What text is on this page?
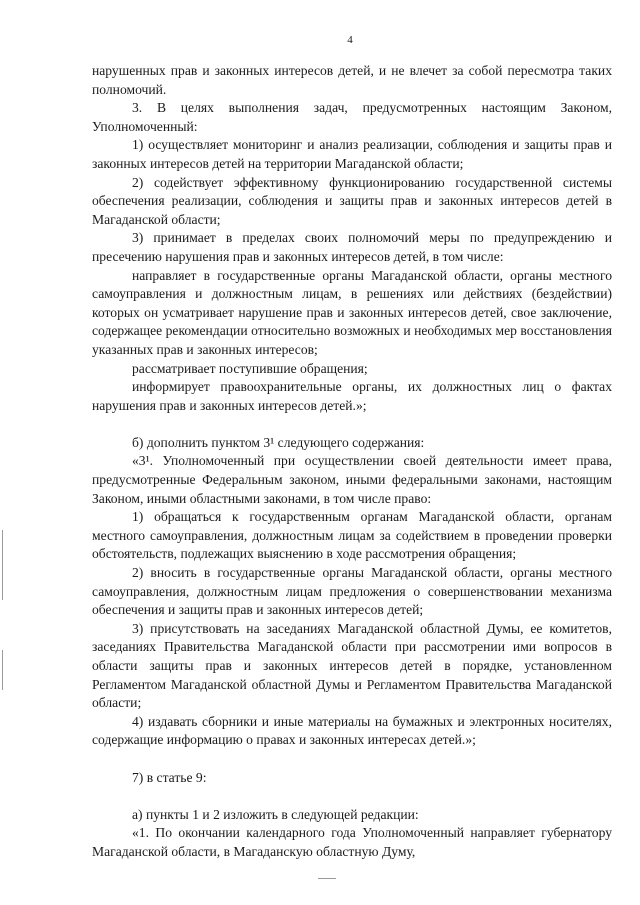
4

нарушенных прав и законных интересов детей, и не влечет за собой пересмотра таких полномочий.

3. В целях выполнения задач, предусмотренных настоящим Законом, Уполномоченный:

1) осуществляет мониторинг и анализ реализации, соблюдения и защиты прав и законных интересов детей на территории Магаданской области;

2) содействует эффективному функционированию государственной системы обеспечения реализации, соблюдения и защиты прав и законных интересов детей в Магаданской области;

3) принимает в пределах своих полномочий меры по предупреждению и пресечению нарушения прав и законных интересов детей, в том числе:

направляет в государственные органы Магаданской области, органы местного самоуправления и должностным лицам, в решениях или действиях (бездействии) которых он усматривает нарушение прав и законных интересов детей, свое заключение, содержащее рекомендации относительно возможных и необходимых мер восстановления указанных прав и законных интересов;

рассматривает поступившие обращения;

информирует правоохранительные органы, их должностных лиц о фактах нарушения прав и законных интересов детей.»;

б) дополнить пунктом 3¹ следующего содержания:

«3¹. Уполномоченный при осуществлении своей деятельности имеет права, предусмотренные Федеральным законом, иными федеральными законами, настоящим Законом, иными областными законами, в том числе право:

1) обращаться к государственным органам Магаданской области, органам местного самоуправления, должностным лицам за содействием в проведении проверки обстоятельств, подлежащих выяснению в ходе рассмотрения обращения;

2) вносить в государственные органы Магаданской области, органы местного самоуправления, должностным лицам предложения о совершенствовании механизма обеспечения и защиты прав и законных интересов детей;

3) присутствовать на заседаниях Магаданской областной Думы, ее комитетов, заседаниях Правительства Магаданской области при рассмотрении ими вопросов в области защиты прав и законных интересов детей в порядке, установленном Регламентом Магаданской областной Думы и Регламентом Правительства Магаданской области;

4) издавать сборники и иные материалы на бумажных и электронных носителях, содержащие информацию о правах и законных интересах детей.»;

7) в статье 9:

а) пункты 1 и 2 изложить в следующей редакции:

«1. По окончании календарного года Уполномоченный направляет губернатору Магаданской области, в Магаданскую областную Думу,
